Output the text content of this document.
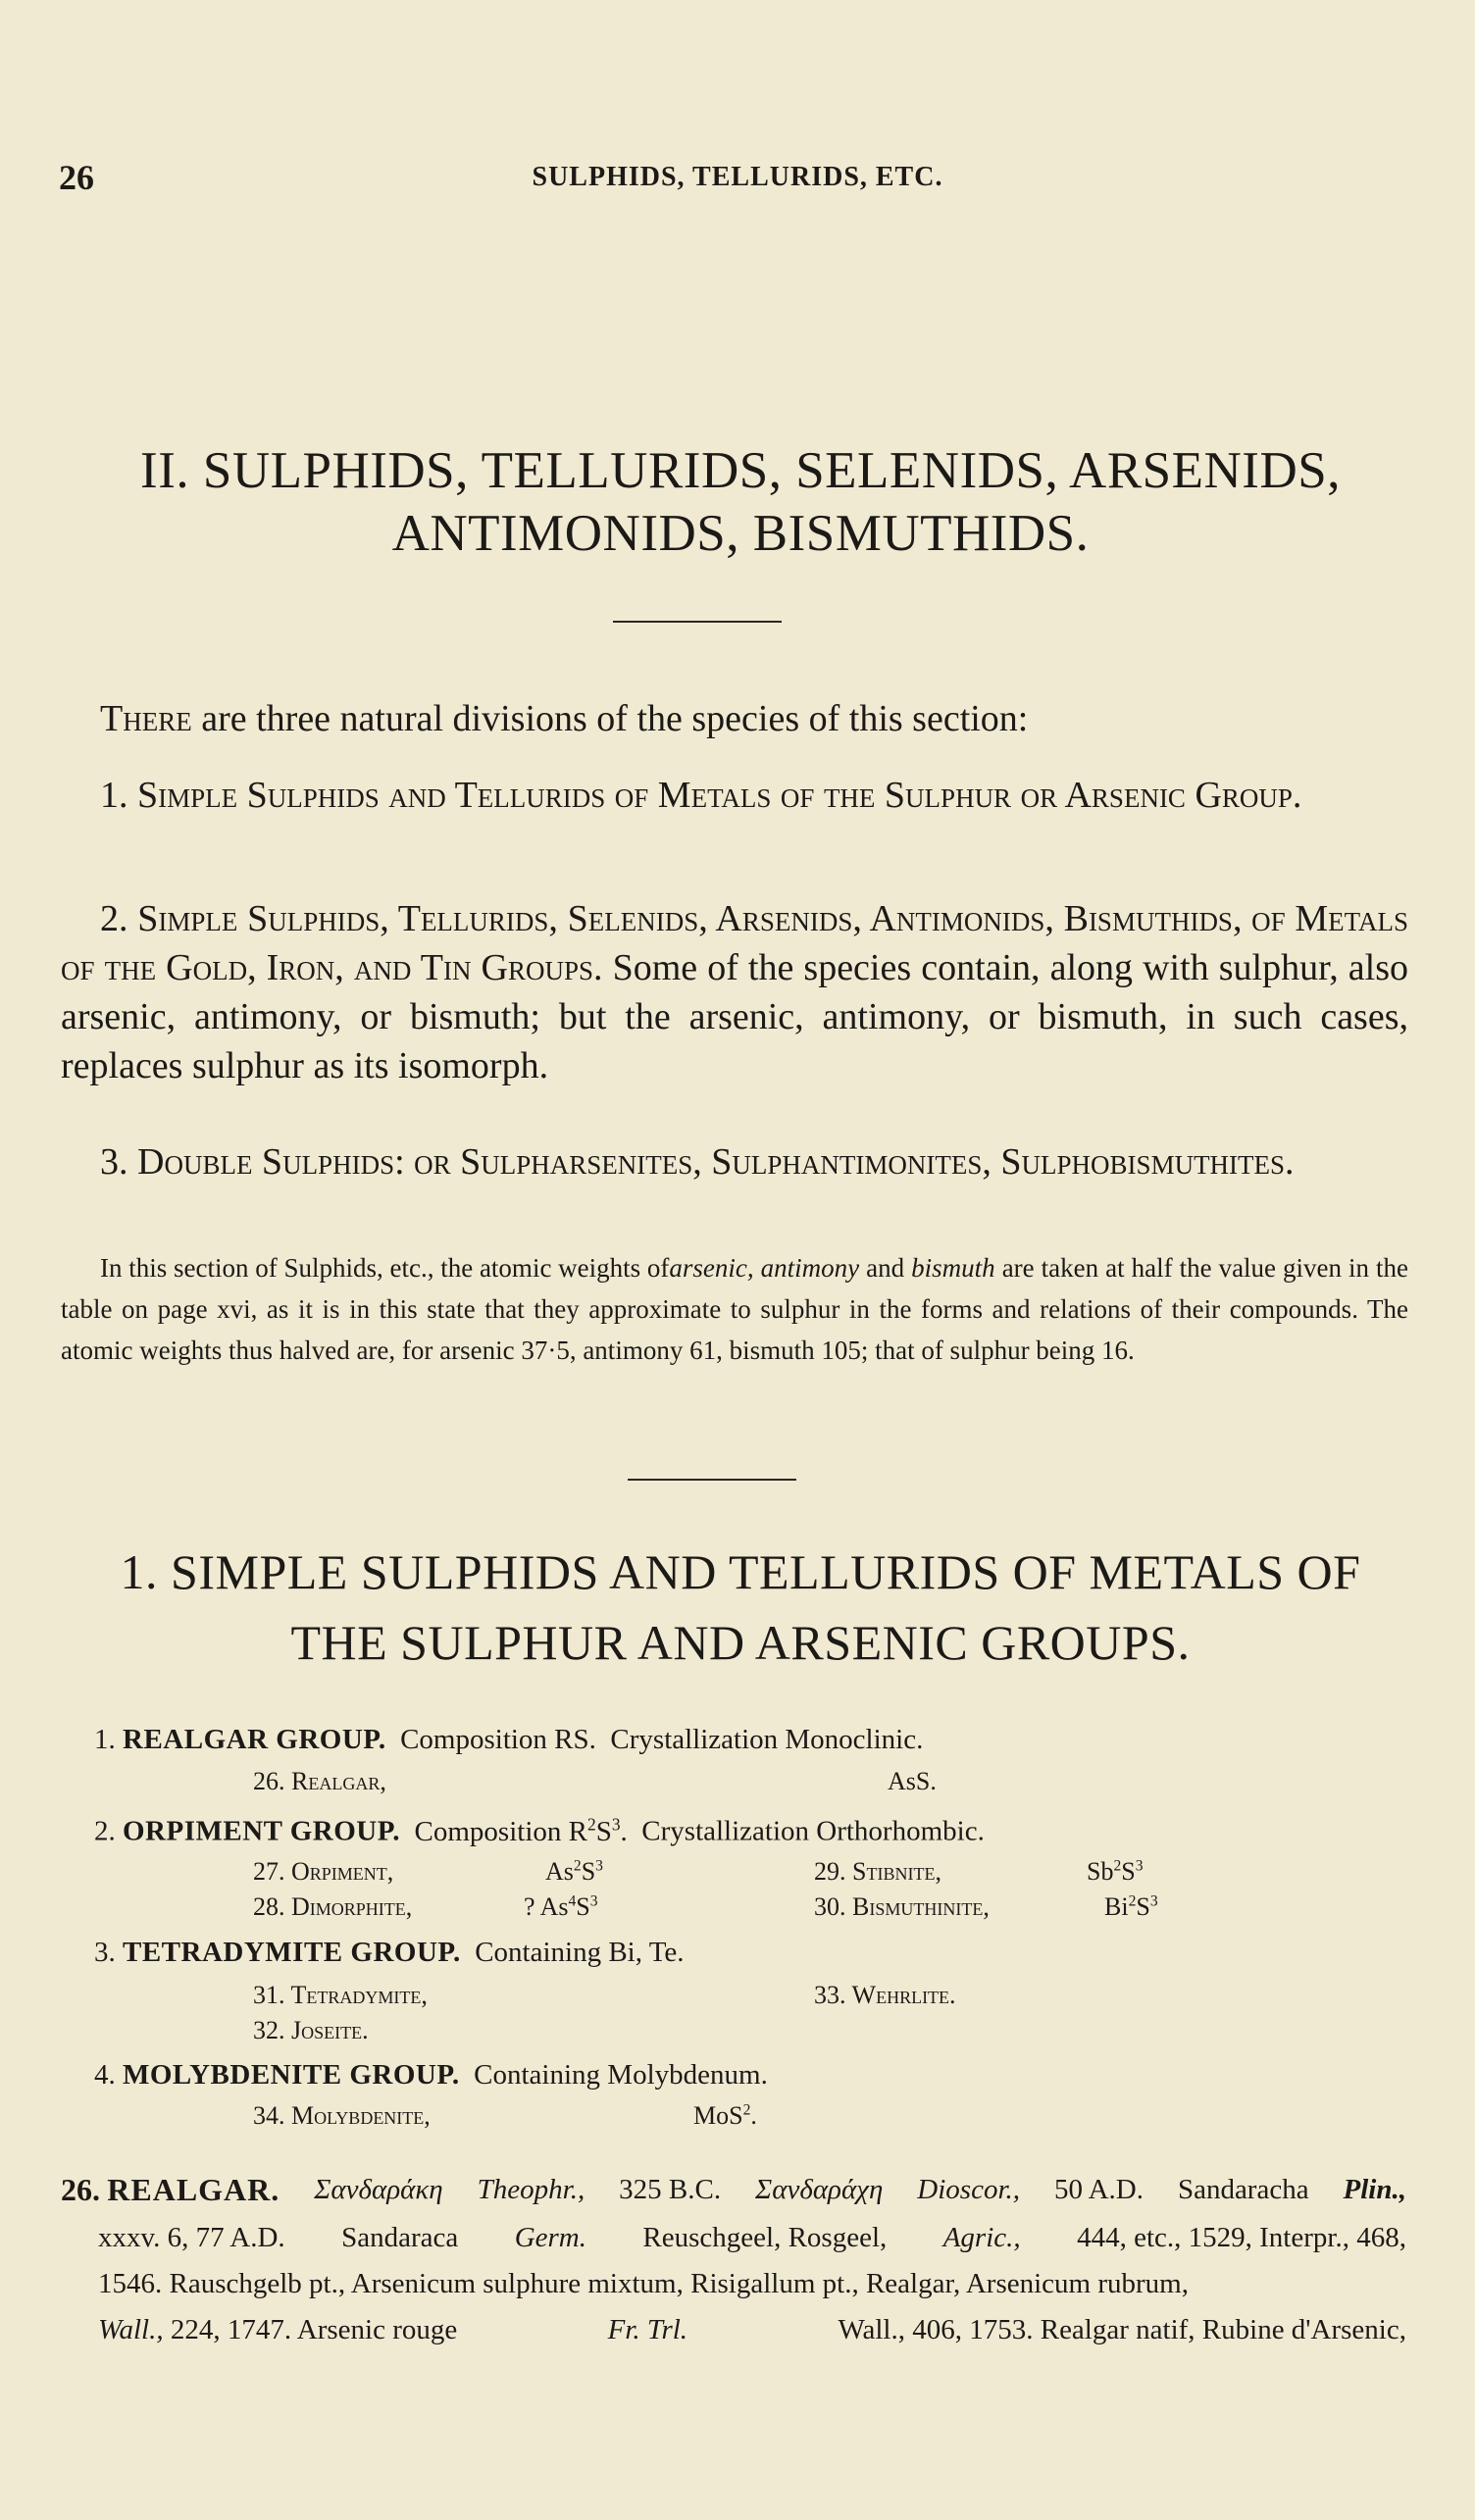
26	SULPHIDS, TELLURIDS, ETC.
II. SULPHIDS, TELLURIDS, SELENIDS, ARSENIDS,
ANTIMONIDS, BISMUTHIDS.
There are three natural divisions of the species of this section:
1. Simple Sulphids and Tellurids of Metals of the Sulphur or Arsenic Group.
2. Simple Sulphids, Tellurids, Selenids, Arsenids, Antimonids, Bismuthids, of Metals of the Gold, Iron, and Tin Groups. Some of the species contain, along with sulphur, also arsenic, antimony, or bismuth; but the arsenic, antimony, or bismuth, in such cases, replaces sulphur as its isomorph.
3. Double Sulphids: or Sulpharsenites, Sulphantimonites, Sulphobismuthites.
In this section of Sulphids, etc., the atomic weights ofarsenic, antimony and bismuth are taken at half the value given in the table on page xvi, as it is in this state that they approximate to sulphur in the forms and relations of their compounds. The atomic weights thus halved are, for arsenic 37·5, antimony 61, bismuth 105; that of sulphur being 16.
1. SIMPLE SULPHIDS AND TELLURIDS OF METALS OF
THE SULPHUR AND ARSENIC GROUPS.
1. REALGAR GROUP. Composition RS. Crystallization Monoclinic.
26. Realgar,	AsS.
2. ORPIMENT GROUP. Composition $R^2S^3$. Crystallization Orthorhombic.
27. Orpiment,	$As^2S^3$	29. Stibnite,	$Sb^2S^3$
28. Dimorphite,	? $As^4S^3$	30. Bismuthinite,	$Bi^2S^3$
3. TETRADYMITE GROUP. Containing Bi, Te.
31. Tetradymite,	33. Wehrlite.
32. Joseite.
4. MOLYBDENITE GROUP. Containing Molybdenum.
34. Molybdenite,	MoS$^2$.
26. REALGAR. Σανδαράκη Theophr., 325 B.C. Σανδαράχη Dioscor., 50 A.D. Sandaracha Plin.,
xxxv. 6, 77 A.D. Sandaraca Germ. Reuschgeel, Rosgeel, Agric., 444, etc., 1529, Interpr., 468,
1546. Rauschgelb pt., Arsenicum sulphure mixtum, Risigallum pt., Realgar, Arsenicum rubrum,
Wall., 224, 1747. Arsenic rouge	Fr. Trl.	Wall., 406, 1753. Realgar natif, Rubine d'Arsenic,
